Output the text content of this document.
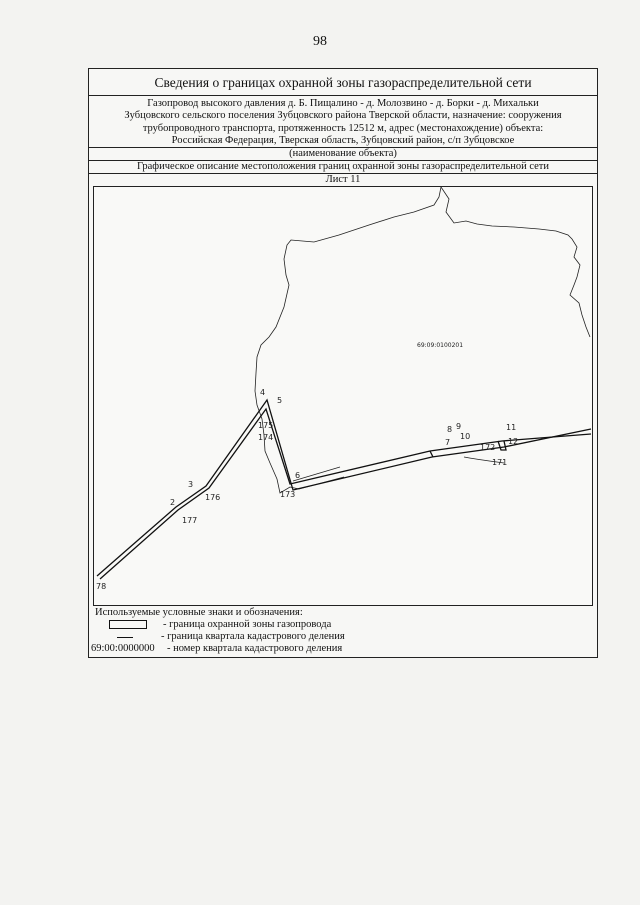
98
Сведения о границах охранной зоны газораспределительной сети
Газопровод высокого давления д. Б. Пищалино - д. Молозвино - д. Борки - д. Михальки
Зубцовского сельского поселения Зубцовского района Тверской области, назначение: сооружения
трубопроводного транспорта, протяженность 12512 м, адрес (местонахождение) объекта:
Российская Федерация, Тверская область, Зубцовский район, с/п Зубцовское
(наименование объекта)
Графическое описание местоположения границ охранной зоны газораспределительной сети
Лист 11
78
2
3
176
177
4
5
175
174
6
173
7
8 9
10
11
12
172
171
69:09:0100201
Используемые условные знаки и обозначения:
- граница охранной зоны газопровода
- граница квартала кадастрового деления
69:00:0000000 - номер квартала кадастрового деления
